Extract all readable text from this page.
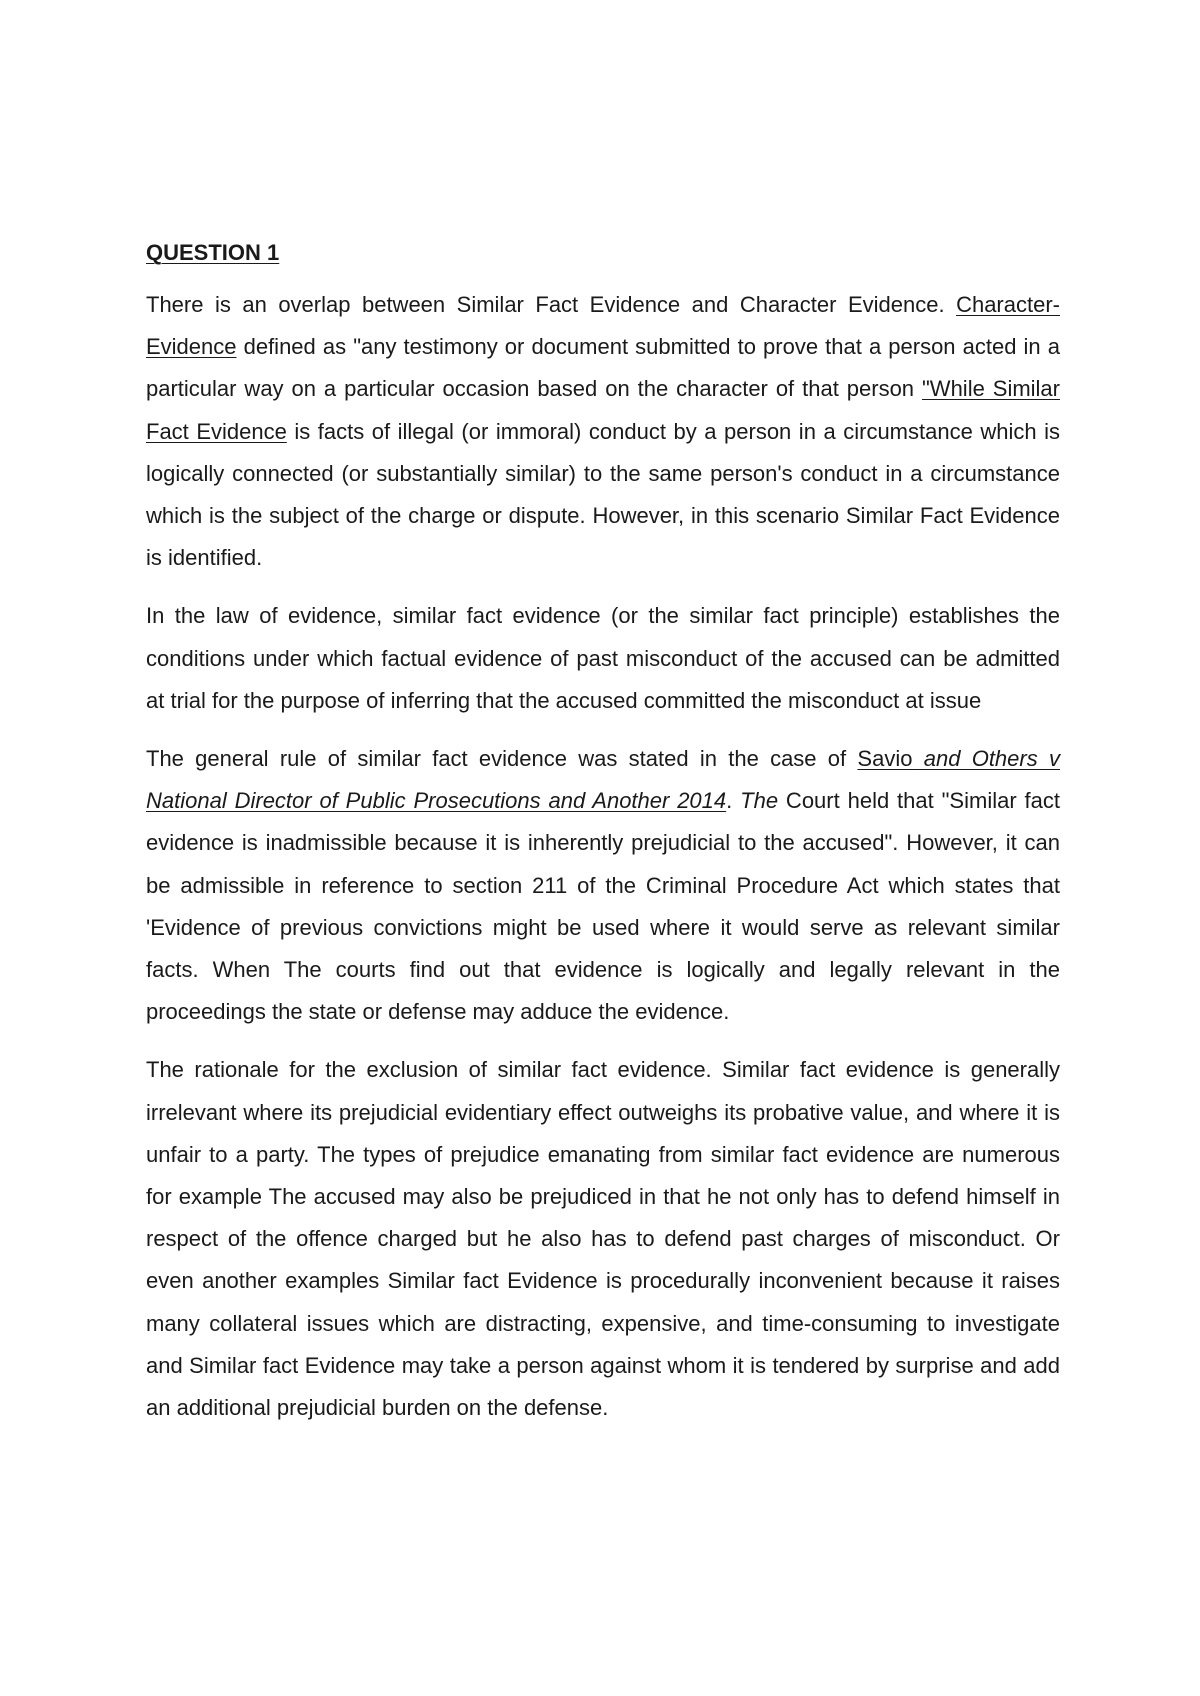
QUESTION 1

There is an overlap between Similar Fact Evidence and Character Evidence. Character-Evidence defined as "any testimony or document submitted to prove that a person acted in a particular way on a particular occasion based on the character of that person "While Similar Fact Evidence is facts of illegal (or immoral) conduct by a person in a circumstance which is logically connected (or substantially similar) to the same person's conduct in a circumstance which is the subject of the charge or dispute. However, in this scenario Similar Fact Evidence is identified.

In the law of evidence, similar fact evidence (or the similar fact principle) establishes the conditions under which factual evidence of past misconduct of the accused can be admitted at trial for the purpose of inferring that the accused committed the misconduct at issue

The general rule of similar fact evidence was stated in the case of Savio and Others v National Director of Public Prosecutions and Another 2014. The Court held that "Similar fact evidence is inadmissible because it is inherently prejudicial to the accused". However, it can be admissible in reference to section 211 of the Criminal Procedure Act which states that 'Evidence of previous convictions might be used where it would serve as relevant similar facts. When The courts find out that evidence is logically and legally relevant in the proceedings the state or defense may adduce the evidence.

The rationale for the exclusion of similar fact evidence. Similar fact evidence is generally irrelevant where its prejudicial evidentiary effect outweighs its probative value, and where it is unfair to a party. The types of prejudice emanating from similar fact evidence are numerous for example The accused may also be prejudiced in that he not only has to defend himself in respect of the offence charged but he also has to defend past charges of misconduct. Or even another examples Similar fact Evidence is procedurally inconvenient because it raises many collateral issues which are distracting, expensive, and time-consuming to investigate and Similar fact Evidence may take a person against whom it is tendered by surprise and add an additional prejudicial burden on the defense.
